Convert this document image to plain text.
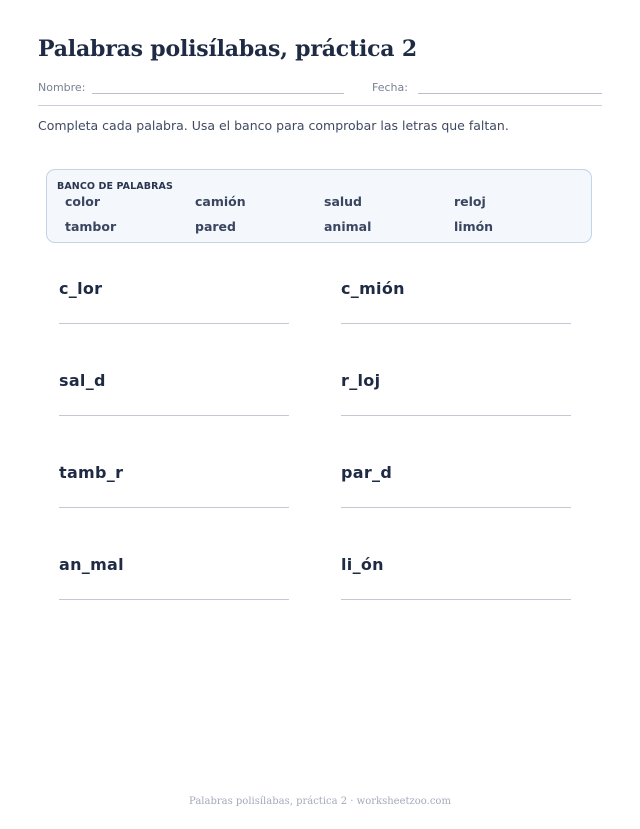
Palabras polisílabas, práctica 2
Nombre:	Fecha:

Completa cada palabra. Usa el banco para comprobar las letras que faltan.

BANCO DE PALABRAS
color	camión	salud	reloj
tambor	pared	animal	limón
c_lor	c_mión
sal_d	r_loj
tamb_r	par_d
an_mal	li_ón
Palabras polisílabas, práctica 2 · worksheetzoo.com
